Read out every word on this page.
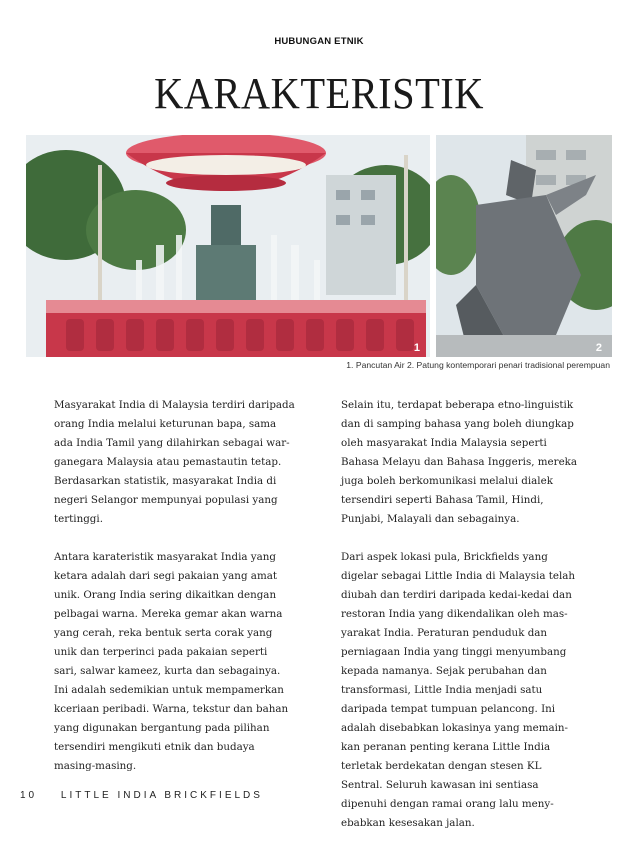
HUBUNGAN ETNIK
KARAKTERISTIK
1	2
1. Pancutan Air 2. Patung kontemporari penari tradisional perempuan

Masyarakat India di Malaysia terdiri daripada
orang India melalui keturunan bapa, sama
ada India Tamil yang dilahirkan sebagai war-
ganegara Malaysia atau pemastautin tetap.
Berdasarkan statistik, masyarakat India di
negeri Selangor mempunyai populasi yang
tertinggi.

Antara karateristik masyarakat India yang
ketara adalah dari segi pakaian yang amat
unik. Orang India sering dikaitkan dengan
pelbagai warna. Mereka gemar akan warna
yang cerah, reka bentuk serta corak yang
unik dan terperinci pada pakaian seperti
sari, salwar kameez, kurta dan sebagainya.
Ini adalah sedemikian untuk mempamerkan
kceriaan peribadi. Warna, tekstur dan bahan
yang digunakan bergantung pada pilihan
tersendiri mengikuti etnik dan budaya
masing-masing.

Selain itu, terdapat beberapa etno-linguistik
dan di samping bahasa yang boleh diungkap
oleh masyarakat India Malaysia seperti
Bahasa Melayu dan Bahasa Inggeris, mereka
juga boleh berkomunikasi melalui dialek
tersendiri seperti Bahasa Tamil, Hindi,
Punjabi, Malayali dan sebagainya.

Dari aspek lokasi pula, Brickfields yang
digelar sebagai Little India di Malaysia telah
diubah dan terdiri daripada kedai-kedai dan
restoran India yang dikendalikan oleh mas-
yarakat India. Peraturan penduduk dan
perniagaan India yang tinggi menyumbang
kepada namanya. Sejak perubahan dan
transformasi, Little India menjadi satu
daripada tempat tumpuan pelancong. Ini
adalah disebabkan lokasinya yang memain-
kan peranan penting kerana Little India
terletak berdekatan dengan stesen KL
Sentral. Seluruh kawasan ini sentiasa
dipenuhi dengan ramai orang lalu meny-
ebabkan kesesakan jalan.

10 LITTLE INDIA BRICKFIELDS
